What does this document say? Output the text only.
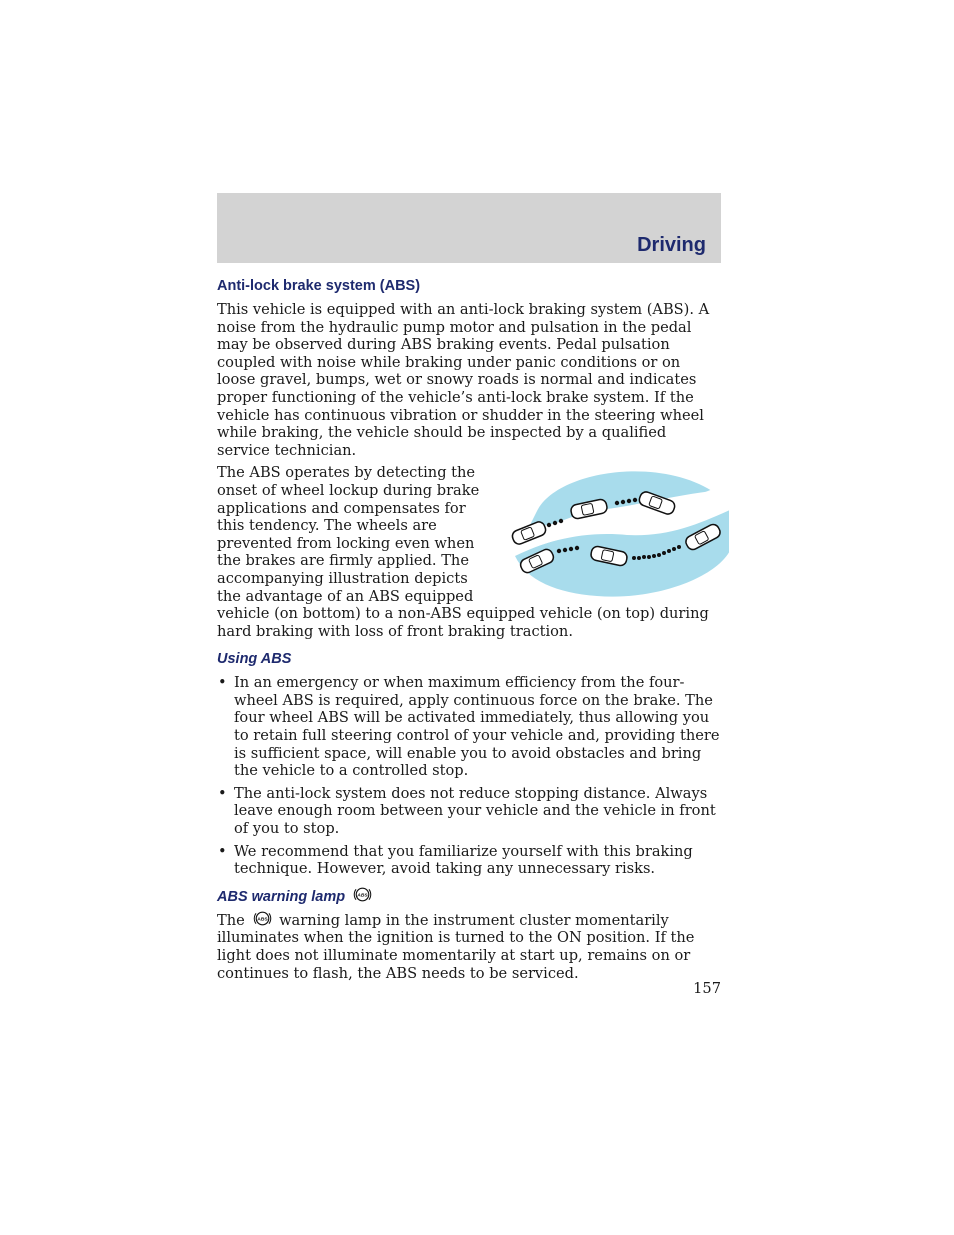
Driving
Anti-lock brake system (ABS)

This vehicle is equipped with an anti-lock braking system (ABS). A noise from the hydraulic pump motor and pulsation in the pedal may be observed during ABS braking events. Pedal pulsation coupled with noise while braking under panic conditions or on loose gravel, bumps, wet or snowy roads is normal and indicates proper functioning of the vehicle’s anti-lock brake system. If the vehicle has continuous vibration or shudder in the steering wheel while braking, the vehicle should be inspected by a qualified service technician.

The ABS operates by detecting the onset of wheel lockup during brake applications and compensates for this tendency. The wheels are prevented from locking even when the brakes are firmly applied. The accompanying illustration depicts the advantage of an ABS equipped vehicle (on bottom) to a non-ABS equipped vehicle (on top) during hard braking with loss of front braking traction.

Using ABS
• In an emergency or when maximum efficiency from the four-wheel ABS is required, apply continuous force on the brake. The four wheel ABS will be activated immediately, thus allowing you to retain full steering control of your vehicle and, providing there is sufficient space, will enable you to avoid obstacles and bring the vehicle to a controlled stop.
• The anti-lock system does not reduce stopping distance. Always leave enough room between your vehicle and the vehicle in front of you to stop.
• We recommend that you familiarize yourself with this braking technique. However, avoid taking any unnecessary risks.
ABS warning lamp ABS

The ABS warning lamp in the instrument cluster momentarily illuminates when the ignition is turned to the ON position. If the light does not illuminate momentarily at start up, remains on or continues to flash, the ABS needs to be serviced.

157
